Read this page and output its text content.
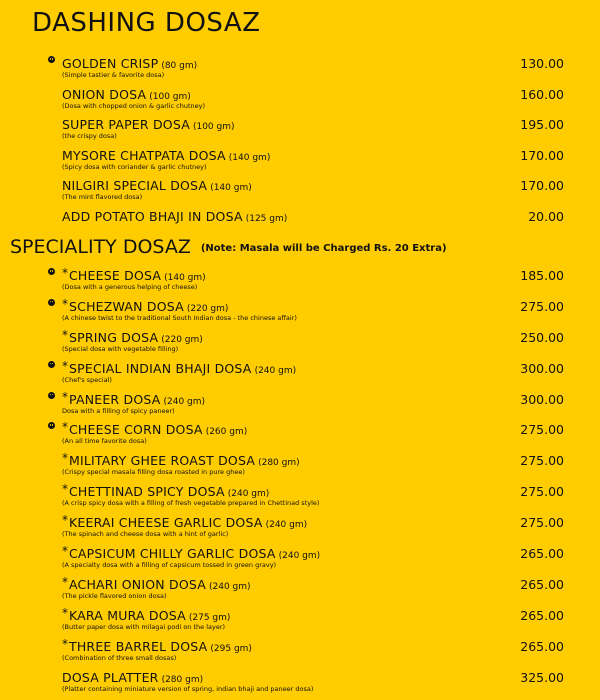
DASHING DOSAZ
GOLDEN CRISP (80 gm)
(Simple tastier & favorite dosa)
130.00
ONION DOSA (100 gm)
(Dosa with chopped onion & garlic chutney)
160.00
SUPER PAPER DOSA (100 gm)
(the crispy dosa)
195.00
MYSORE CHATPATA DOSA (140 gm)
(Spicy dosa with coriander & garlic chutney)
170.00
NILGIRI SPECIAL DOSA (140 gm)
(The mint flavored dosa)
170.00
ADD POTATO BHAJI IN DOSA (125 gm)	20.00
SPECIALITY DOSAZ (Note: Masala will be Charged Rs. 20 Extra)
*CHEESE DOSA (140 gm)
(Dosa with a generous helping of cheese)
185.00
*SCHEZWAN DOSA (220 gm)
(A chinese twist to the traditional South Indian dosa - the chinese affair)
275.00
*SPRING DOSA (220 gm)
(Special dosa with vegetable filling)
250.00
*SPECIAL INDIAN BHAJI DOSA (240 gm)
(Chef's special)
300.00
*PANEER DOSA (240 gm)
Dosa with a filling of spicy paneer)
300.00
*CHEESE CORN DOSA (260 gm)
(An all time favorite dosa)
275.00
*MILITARY GHEE ROAST DOSA (280 gm)
(Crispy special masala filling dosa roasted in pure ghee)
275.00
*CHETTINAD SPICY DOSA (240 gm)
(A crisp spicy dosa with a filling of fresh vegetable prepared in Chettinad style)
275.00
*KEERAI CHEESE GARLIC DOSA (240 gm)
(The spinach and cheese dosa with a hint of garlic)
275.00
*CAPSICUM CHILLY GARLIC DOSA (240 gm)
(A specialty dosa with a filling of capsicum tossed in green gravy)
265.00
*ACHARI ONION DOSA (240 gm)
(The pickle flavored onion dosa)
265.00
*KARA MURA DOSA (275 gm)
(Butter paper dosa with milagai podi on the layer)
265.00
*THREE BARREL DOSA (295 gm)
(Combination of three small dosas)
265.00
DOSA PLATTER (280 gm)
(Platter containing miniature version of spring, indian bhaji and paneer dosa)
325.00
